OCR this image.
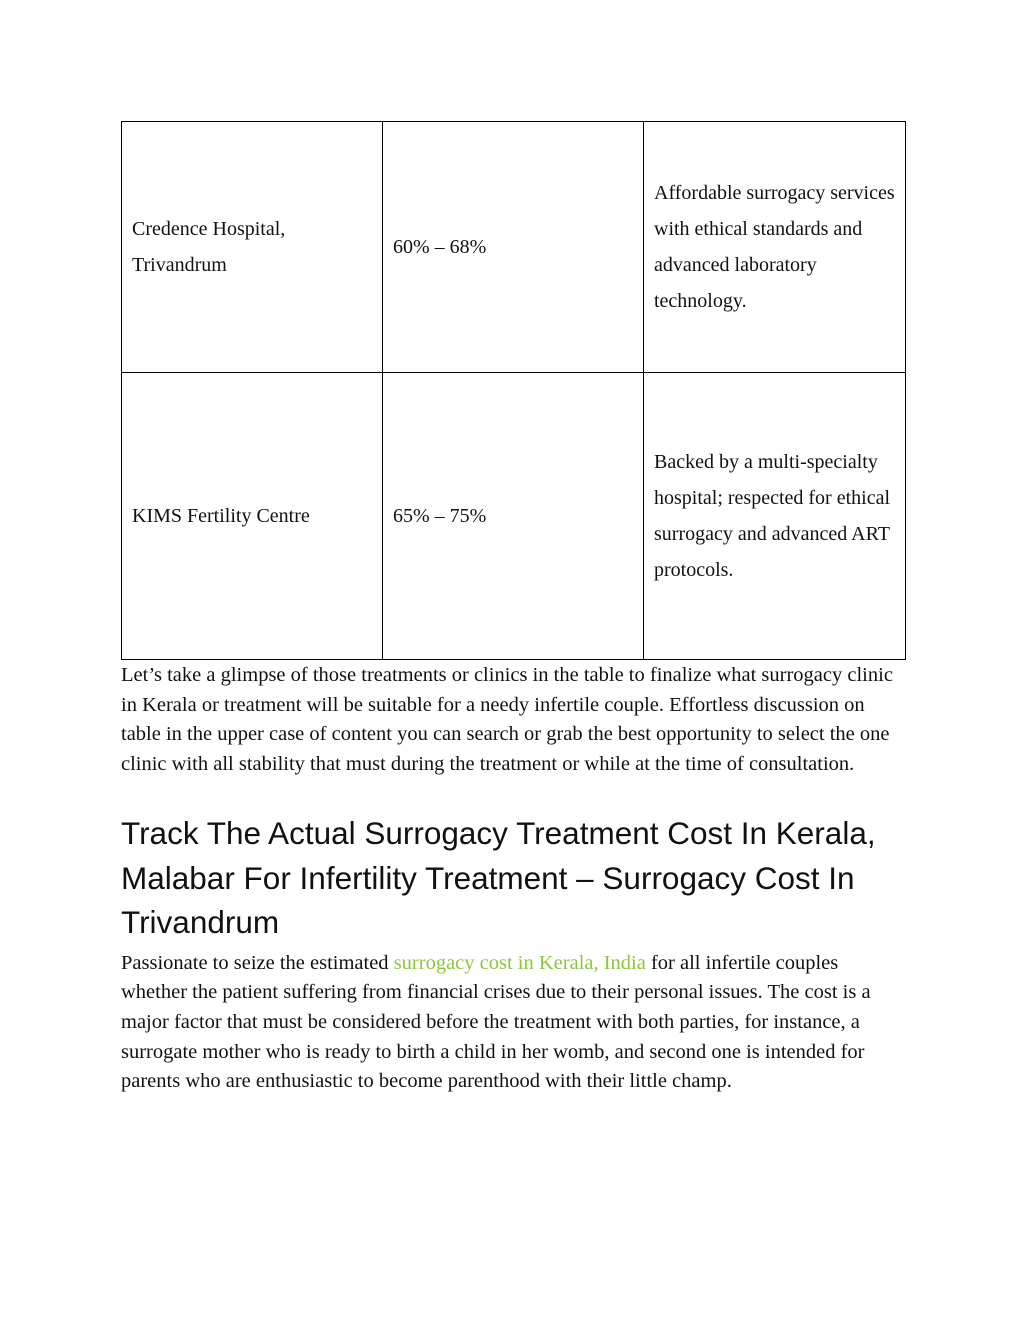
Credence Hospital, Trivandrum	60% – 68%	Affordable surrogacy services with ethical standards and advanced laboratory technology.
KIMS Fertility Centre	65% – 75%	Backed by a multi-specialty hospital; respected for ethical surrogacy and advanced ART protocols.

Let’s take a glimpse of those treatments or clinics in the table to finalize what surrogacy clinic in Kerala or treatment will be suitable for a needy infertile couple. Effortless discussion on table in the upper case of content you can search or grab the best opportunity to select the one clinic with all stability that must during the treatment or while at the time of consultation.

Track The Actual Surrogacy Treatment Cost In Kerala, Malabar For Infertility Treatment – Surrogacy Cost In Trivandrum

Passionate to seize the estimated surrogacy cost in Kerala, India for all infertile couples whether the patient suffering from financial crises due to their personal issues. The cost is a major factor that must be considered before the treatment with both parties, for instance, a surrogate mother who is ready to birth a child in her womb, and second one is intended for parents who are enthusiastic to become parenthood with their little champ.
